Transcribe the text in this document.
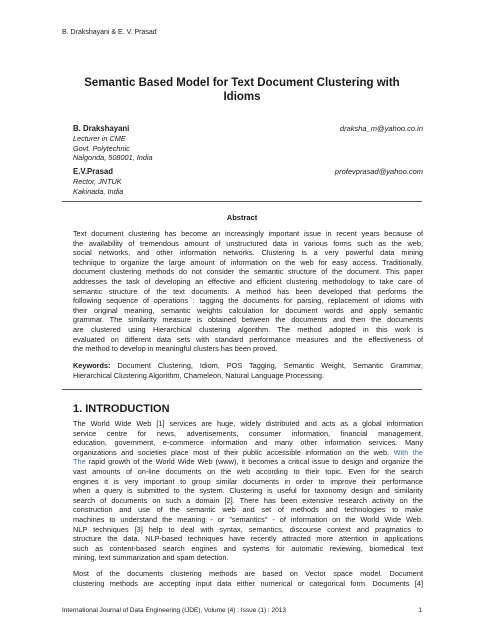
B. Drakshayani & E. V. Prasad
Semantic Based Model for Text Document Clustering with
Idioms
B. Drakshayani	draksha_m@yahoo.co.in
Lecturer in CME
Govt. Polytechnic
Nalgonda, 508001, India
E.V.Prasad	profevprasad@yahoo.com
Rector, JNTUK
Kakinada, India
Abstract
Text document clustering has become an increasingly important issue in recent years because of
the availability of tremendous amount of unstructured data in various forms such as the web,
social networks, and other information networks. Clustering is a very powerful data mining
technique to organize the large amount of information on the web for easy access. Traditionally,
document clustering methods do not consider the semantic structure of the document. This paper
addresses the task of developing an effective and efficient clustering methodology to take care of
semantic structure of the text documents. A method has been developed that performs the
following sequence of operations : tagging the documents for parsing, replacement of idioms with
their original meaning, semantic weights calculation for document words and apply semantic
grammar. The similarity measure is obtained between the documents and then the documents
are clustered using Hierarchical clustering algorithm. The method adopted in this work is
evaluated on different data sets with standard performance measures and the effectiveness of
the method to develop in meaningful clusters has been proved.
Keywords: Document Clustering, Idiom, POS Tagging, Semantic Weight, Semantic Grammar,
Hierarchical Clustering Algorithm, Chameleon, Natural Language Processing.
1. INTRODUCTION
The World Wide Web [1] services are huge, widely distributed and acts as a global information
service centre for news, advertisements, consumer information, financial management,
education, government, e-commerce information and many other information services. Many
organizations and societies place most of their public accessible information on the web. With the
The rapid growth of the World Wide Web (www), it becomes a critical issue to design and organize the
vast amounts of on-line documents on the web according to their topic. Even for the search
engines it is very important to group similar documents in order to improve their performance
when a query is submitted to the system. Clustering is useful for taxonomy design and similarity
search of documents on such a domain [2]. There has been extensive research activity on the
construction and use of the semantic web and set of methods and technologies to make
machines to understand the meaning - or "semantics" - of information on the World Wide Web.
NLP techniques [3] help to deal with syntax, semantics, discourse context and pragmatics to
structure the data. NLP-based techniques have recently attracted more attention in applications
such as content-based search engines and systems for automatic reviewing, biomedical text
mining, text summarization and spam detection.
Most of the documents clustering methods are based on Vector space model. Document
clustering methods are accepting input data either numerical or categorical form. Documents [4]
International Journal of Data Engineering (IJDE), Volume (4) : Issue (1) : 2013	1
